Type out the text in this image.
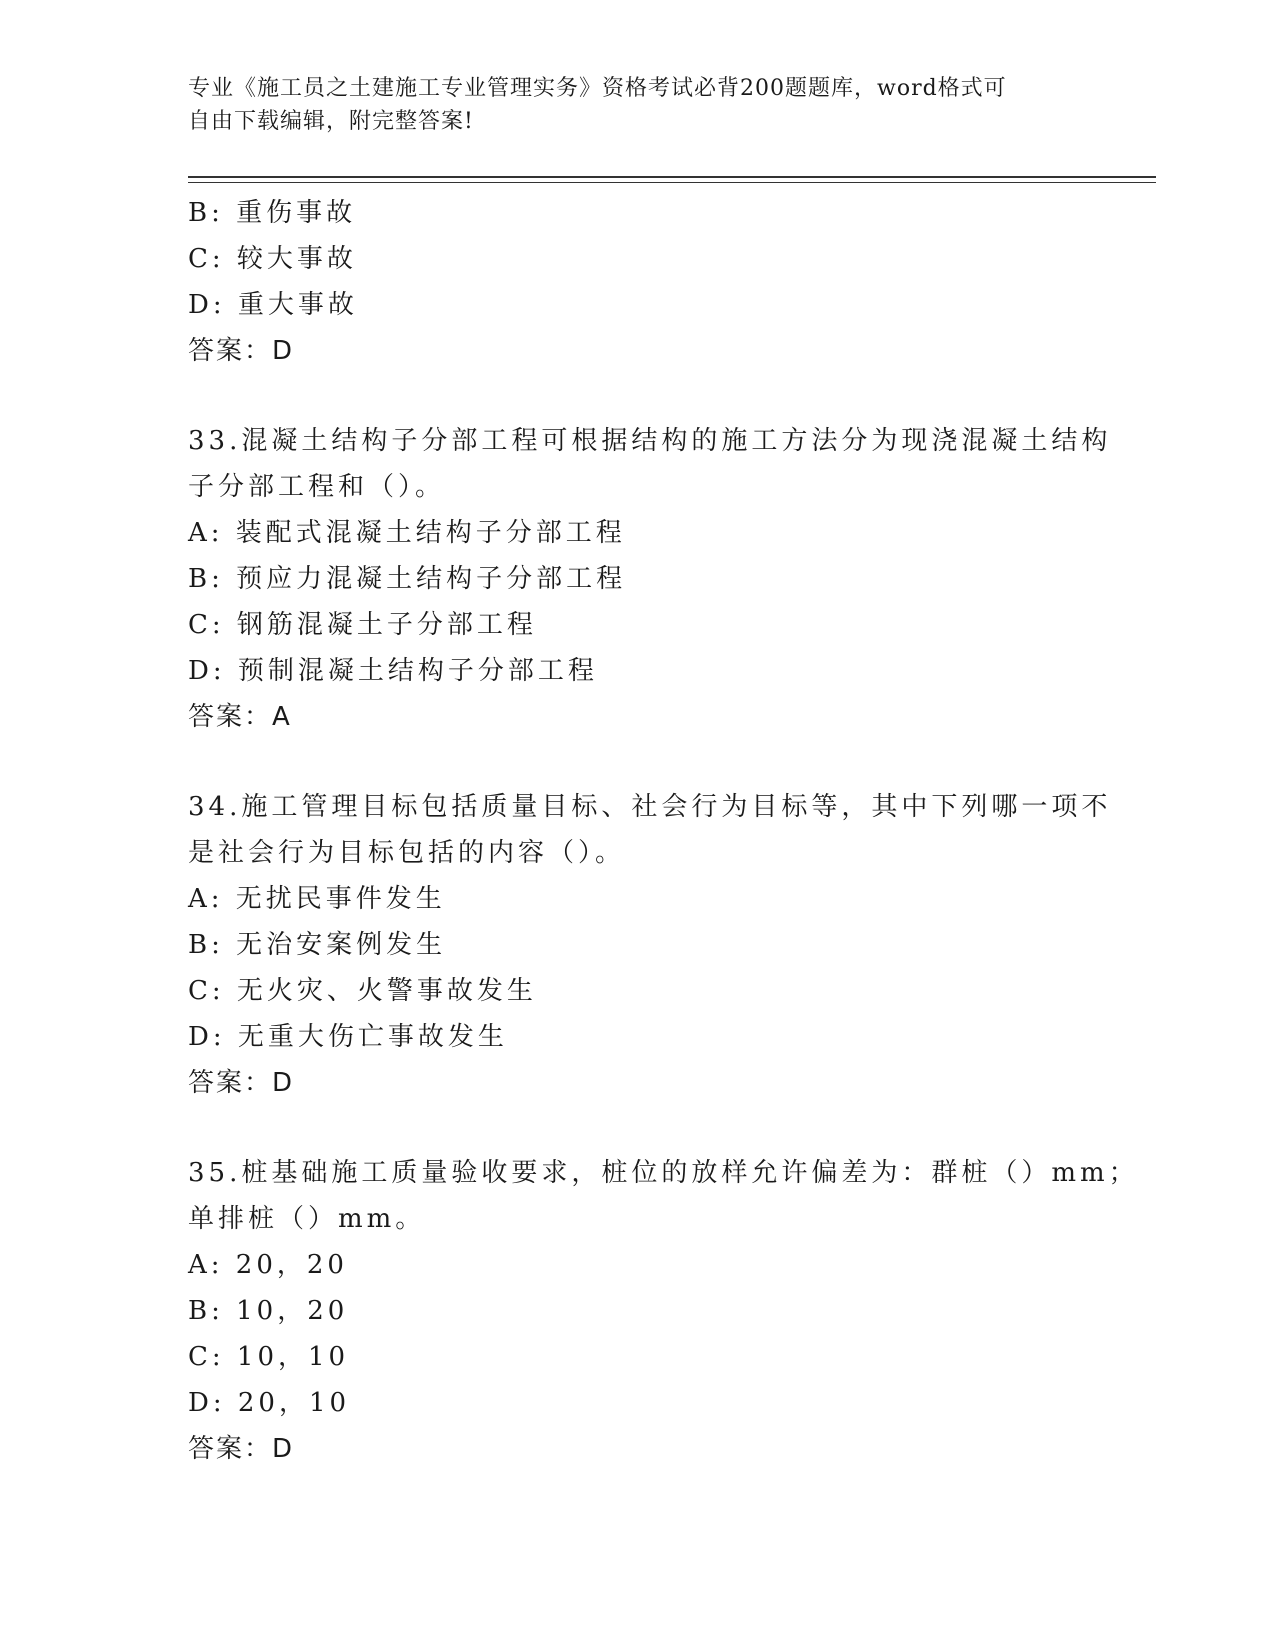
专业《施工员之土建施工专业管理实务》资格考试必背200题题库，word格式可
自由下载编辑，附完整答案!
B: 重伤事故
C: 较大事故
D: 重大事故
答案：D
33.混凝土结构子分部工程可根据结构的施工方法分为现浇混凝土结构
子分部工程和（）。
A: 装配式混凝土结构子分部工程
B: 预应力混凝土结构子分部工程
C: 钢筋混凝土子分部工程
D: 预制混凝土结构子分部工程
答案：A
34.施工管理目标包括质量目标、社会行为目标等，其中下列哪一项不
是社会行为目标包括的内容（）。
A: 无扰民事件发生
B: 无治安案例发生
C: 无火灾、火警事故发生
D: 无重大伤亡事故发生
答案：D
35.桩基础施工质量验收要求，桩位的放样允许偏差为：群桩（）mm；
单排桩（）mm。
A: 20，20
B: 10，20
C: 10，10
D: 20，10
答案：D
